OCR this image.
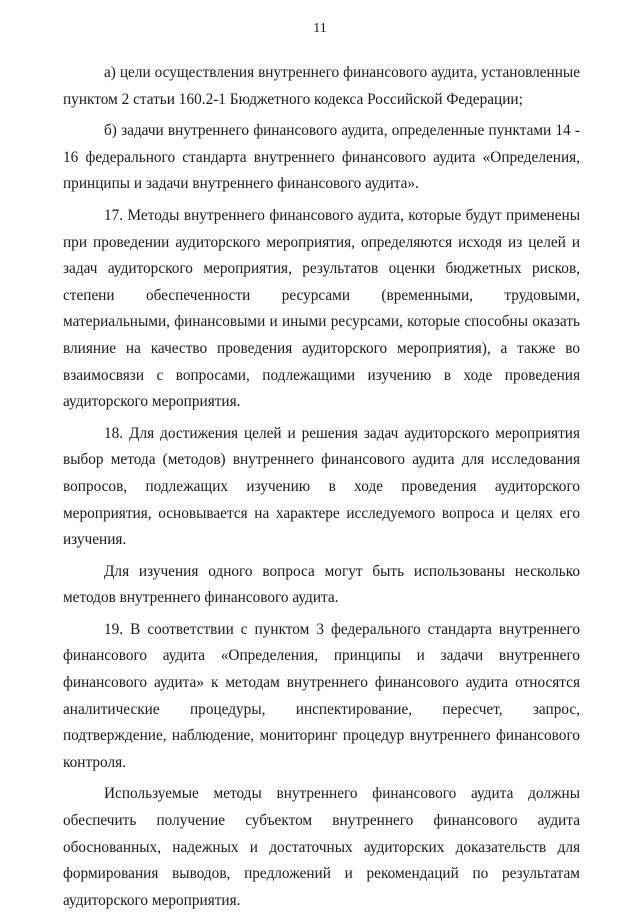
11

а) цели осуществления внутреннего финансового аудита, установленные пунктом 2 статьи 160.2-1 Бюджетного кодекса Российской Федерации;

б) задачи внутреннего финансового аудита, определенные пунктами 14 - 16 федерального стандарта внутреннего финансового аудита «Определения, принципы и задачи внутреннего финансового аудита».

17. Методы внутреннего финансового аудита, которые будут применены при проведении аудиторского мероприятия, определяются исходя из целей и задач аудиторского мероприятия, результатов оценки бюджетных рисков, степени обеспеченности ресурсами (временными, трудовыми, материальными, финансовыми и иными ресурсами, которые способны оказать влияние на качество проведения аудиторского мероприятия), а также во взаимосвязи с вопросами, подлежащими изучению в ходе проведения аудиторского мероприятия.

18. Для достижения целей и решения задач аудиторского мероприятия выбор метода (методов) внутреннего финансового аудита для исследования вопросов, подлежащих изучению в ходе проведения аудиторского мероприятия, основывается на характере исследуемого вопроса и целях его изучения.

Для изучения одного вопроса могут быть использованы несколько методов внутреннего финансового аудита.

19. В соответствии с пунктом 3 федерального стандарта внутреннего финансового аудита «Определения, принципы и задачи внутреннего финансового аудита» к методам внутреннего финансового аудита относятся аналитические процедуры, инспектирование, пересчет, запрос, подтверждение, наблюдение, мониторинг процедур внутреннего финансового контроля.

Используемые методы внутреннего финансового аудита должны обеспечить получение субъектом внутреннего финансового аудита обоснованных, надежных и достаточных аудиторских доказательств для формирования выводов, предложений и рекомендаций по результатам аудиторского мероприятия.
